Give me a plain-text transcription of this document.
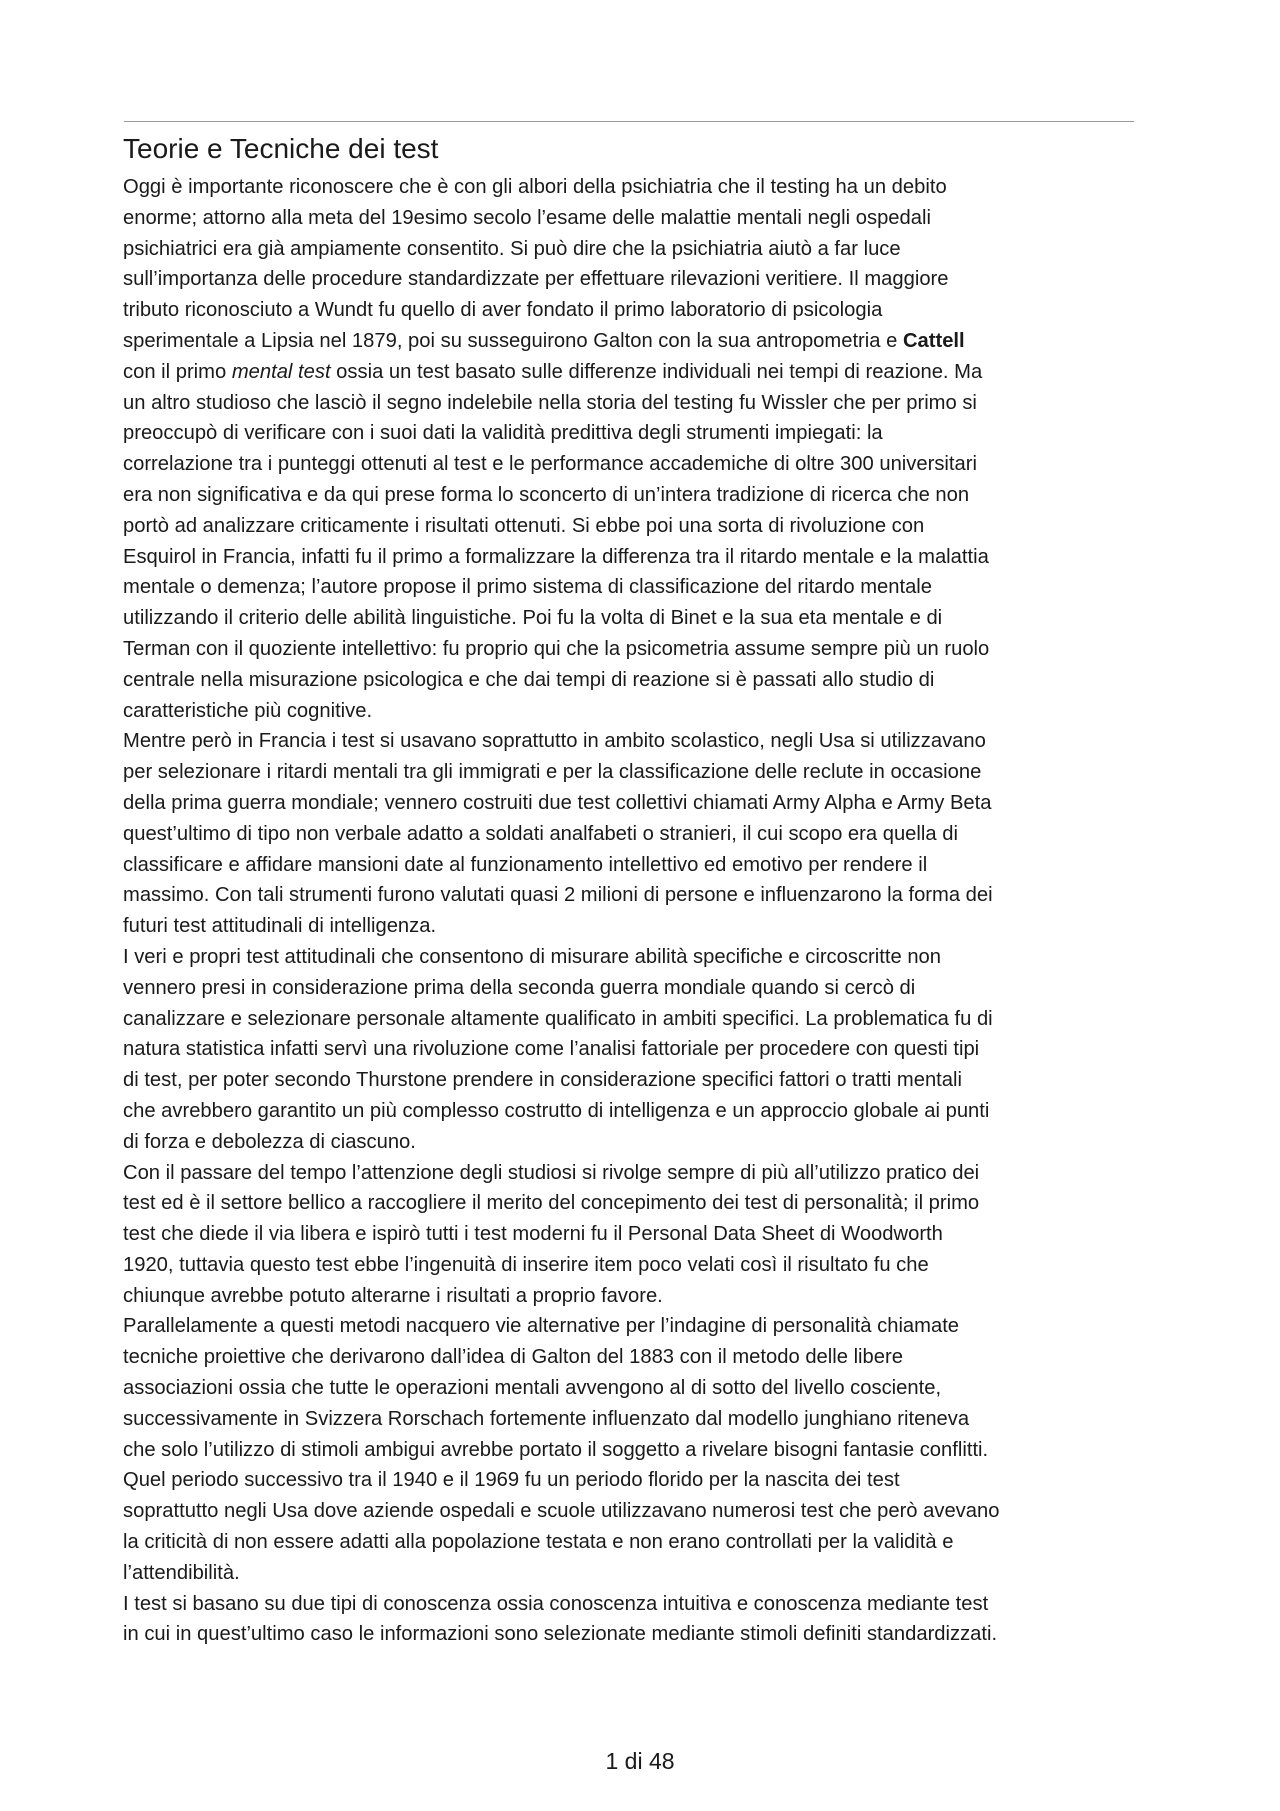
Teorie e Tecniche dei test
Oggi è importante riconoscere che è con gli albori della psichiatria che il testing ha un debito
enorme; attorno alla meta del 19esimo secolo l’esame delle malattie mentali negli ospedali
psichiatrici era già ampiamente consentito. Si può dire che la psichiatria aiutò a far luce
sull’importanza delle procedure standardizzate per effettuare rilevazioni veritiere. Il maggiore
tributo riconosciuto a Wundt fu quello di aver fondato il primo laboratorio di psicologia
sperimentale a Lipsia nel 1879, poi su susseguirono Galton con la sua antropometria e Cattell
con il primo mental test ossia un test basato sulle differenze individuali nei tempi di reazione. Ma
un altro studioso che lasciò il segno indelebile nella storia del testing fu Wissler che per primo si
preoccupò di verificare con i suoi dati la validità predittiva degli strumenti impiegati: la
correlazione tra i punteggi ottenuti al test e le performance accademiche di oltre 300 universitari
era non significativa e da qui prese forma lo sconcerto di un’intera tradizione di ricerca che non
portò ad analizzare criticamente i risultati ottenuti. Si ebbe poi una sorta di rivoluzione con
Esquirol in Francia, infatti fu il primo a formalizzare la differenza tra il ritardo mentale e la malattia
mentale o demenza; l’autore propose il primo sistema di classificazione del ritardo mentale
utilizzando il criterio delle abilità linguistiche. Poi fu la volta di Binet e la sua eta mentale e di
Terman con il quoziente intellettivo: fu proprio qui che la psicometria assume sempre più un ruolo
centrale nella misurazione psicologica e che dai tempi di reazione si è passati allo studio di
caratteristiche più cognitive.
Mentre però in Francia i test si usavano soprattutto in ambito scolastico, negli Usa si utilizzavano
per selezionare i ritardi mentali tra gli immigrati e per la classificazione delle reclute in occasione
della prima guerra mondiale; vennero costruiti due test collettivi chiamati Army Alpha e Army Beta
quest’ultimo di tipo non verbale adatto a soldati analfabeti o stranieri, il cui scopo era quella di
classificare e affidare mansioni date al funzionamento intellettivo ed emotivo per rendere il
massimo. Con tali strumenti furono valutati quasi 2 milioni di persone e influenzarono la forma dei
futuri test attitudinali di intelligenza.
I veri e propri test attitudinali che consentono di misurare abilità specifiche e circoscritte non
vennero presi in considerazione prima della seconda guerra mondiale quando si cercò di
canalizzare e selezionare personale altamente qualificato in ambiti specifici. La problematica fu di
natura statistica infatti servì una rivoluzione come l’analisi fattoriale per procedere con questi tipi
di test, per poter secondo Thurstone prendere in considerazione specifici fattori o tratti mentali
che avrebbero garantito un più complesso costrutto di intelligenza e un approccio globale ai punti
di forza e debolezza di ciascuno.
Con il passare del tempo l’attenzione degli studiosi si rivolge sempre di più all’utilizzo pratico dei
test ed è il settore bellico a raccogliere il merito del concepimento dei test di personalità; il primo
test che diede il via libera e ispirò tutti i test moderni fu il Personal Data Sheet di Woodworth
1920, tuttavia questo test ebbe l’ingenuità di inserire item poco velati così il risultato fu che
chiunque avrebbe potuto alterarne i risultati a proprio favore.
Parallelamente a questi metodi nacquero vie alternative per l’indagine di personalità chiamate
tecniche proiettive che derivarono dall’idea di Galton del 1883 con il metodo delle libere
associazioni ossia che tutte le operazioni mentali avvengono al di sotto del livello cosciente,
successivamente in Svizzera Rorschach fortemente influenzato dal modello junghiano riteneva
che solo l’utilizzo di stimoli ambigui avrebbe portato il soggetto a rivelare bisogni fantasie conflitti.
Quel periodo successivo tra il 1940 e il 1969 fu un periodo florido per la nascita dei test
soprattutto negli Usa dove aziende ospedali e scuole utilizzavano numerosi test che però avevano
la criticità di non essere adatti alla popolazione testata e non erano controllati per la validità e
l’attendibilità.
I test si basano su due tipi di conoscenza ossia conoscenza intuitiva e conoscenza mediante test
in cui in quest’ultimo caso le informazioni sono selezionate mediante stimoli definiti standardizzati.
1 di 48
